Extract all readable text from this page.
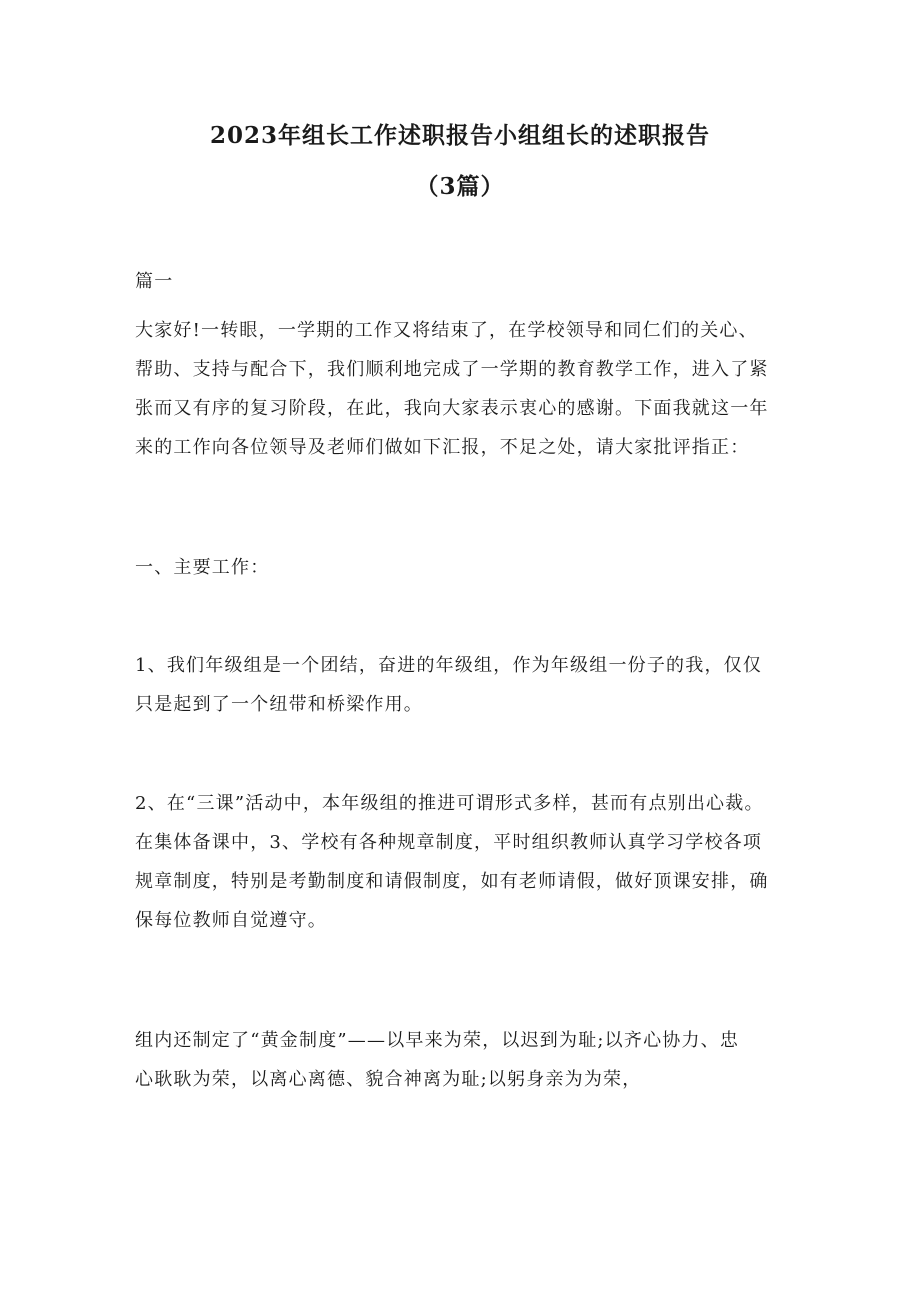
2023年组长工作述职报告小组组长的述职报告
（3篇）
篇一
大家好!一转眼，一学期的工作又将结束了，在学校领导和同仁们的关心、
帮助、支持与配合下，我们顺利地完成了一学期的教育教学工作，进入了紧
张而又有序的复习阶段，在此，我向大家表示衷心的感谢。下面我就这一年
来的工作向各位领导及老师们做如下汇报，不足之处，请大家批评指正：
一、主要工作：
1、我们年级组是一个团结，奋进的年级组，作为年级组一份子的我，仅仅
只是起到了一个纽带和桥梁作用。
2、在“三课”活动中，本年级组的推进可谓形式多样，甚而有点别出心裁。
在集体备课中，3、学校有各种规章制度，平时组织教师认真学习学校各项
规章制度，特别是考勤制度和请假制度，如有老师请假，做好顶课安排，确
保每位教师自觉遵守。
组内还制定了“黄金制度”——以早来为荣，以迟到为耻;以齐心协力、忠
心耿耿为荣，以离心离德、貌合神离为耻;以躬身亲为为荣，
